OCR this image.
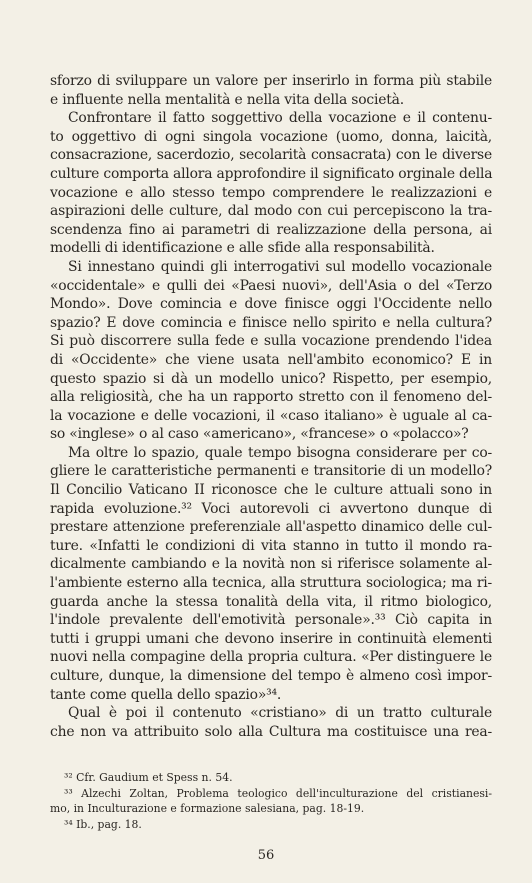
sforzo di sviluppare un valore per inserirlo in forma più stabile
e influente nella mentalità e nella vita della società.
Confrontare il fatto soggettivo della vocazione e il contenu-
to oggettivo di ogni singola vocazione (uomo, donna, laicità,
consacrazione, sacerdozio, secolarità consacrata) con le diverse
culture comporta allora approfondire il significato orginale della
vocazione e allo stesso tempo comprendere le realizzazioni e
aspirazioni delle culture, dal modo con cui percepiscono la tra-
scendenza fino ai parametri di realizzazione della persona, ai
modelli di identificazione e alle sfide alla responsabilità.
Si innestano quindi gli interrogativi sul modello vocazionale
«occidentale» e qulli dei «Paesi nuovi», dell'Asia o del «Terzo
Mondo». Dove comincia e dove finisce oggi l'Occidente nello
spazio? E dove comincia e finisce nello spirito e nella cultura?
Si può discorrere sulla fede e sulla vocazione prendendo l'idea
di «Occidente» che viene usata nell'ambito economico? E in
questo spazio si dà un modello unico? Rispetto, per esempio,
alla religiosità, che ha un rapporto stretto con il fenomeno del-
la vocazione e delle vocazioni, il «caso italiano» è uguale al ca-
so «inglese» o al caso «americano», «francese» o «polacco»?
Ma oltre lo spazio, quale tempo bisogna considerare per co-
gliere le caratteristiche permanenti e transitorie di un modello?
Il Concilio Vaticano II riconosce che le culture attuali sono in
rapida evoluzione.³² Voci autorevoli ci avvertono dunque di
prestare attenzione preferenziale all'aspetto dinamico delle cul-
ture. «Infatti le condizioni di vita stanno in tutto il mondo ra-
dicalmente cambiando e la novità non si riferisce solamente al-
l'ambiente esterno alla tecnica, alla struttura sociologica; ma ri-
guarda anche la stessa tonalità della vita, il ritmo biologico,
l'indole prevalente dell'emotività personale».³³ Ciò capita in
tutti i gruppi umani che devono inserire in continuità elementi
nuovi nella compagine della propria cultura. «Per distinguere le
culture, dunque, la dimensione del tempo è almeno così impor-
tante come quella dello spazio»³⁴.
Qual è poi il contenuto «cristiano» di un tratto culturale
che non va attribuito solo alla Cultura ma costituisce una rea-
³² Cfr. Gaudium et Spess n. 54.
³³ Alzechi Zoltan, Problema teologico dell'inculturazione del cristianesi-
mo, in Inculturazione e formazione salesiana, pag. 18-19.
³⁴ Ib., pag. 18.
56
